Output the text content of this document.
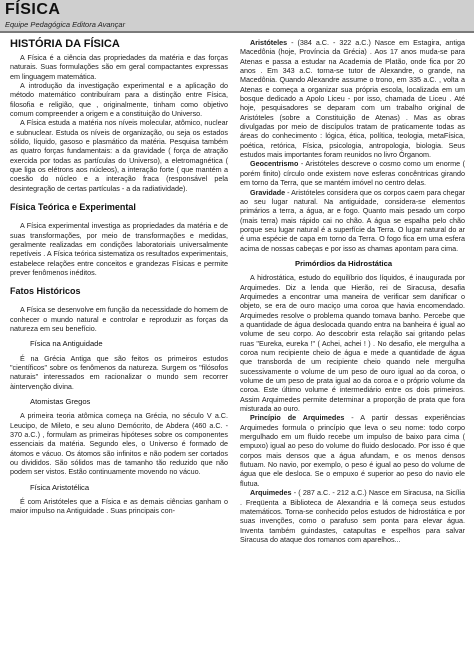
FÍSICA
Equipe Pedagógica Editora Avançar
HISTÓRIA DA FÍSICA

A Física é a ciência das propriedades da matéria e das forças naturais. Suas formulações são em geral compactantes expressas em linguagem matemática.

A introdução da investigação experimental e a aplicação do método matemático contribuíram para a distinção entre Física, filosofia e religião, que , originalmente, tinham como objetivo comum compreender a origem e a constituição do Universo.

A Física estuda a matéria nos níveis molecular, atômico, nuclear e subnuclear. Estuda os níveis de organização, ou seja os estados sólido, líquido, gasoso e plasmático da matéria. Pesquisa também as quatro forças fundamentais: a da gravidade ( força de atração exercida por todas as partículas do Universo), a eletromagnética ( que liga os elétrons aos núcleos), a interação forte ( que mantém a coesão do núcleo e a interação fraca (responsável pela desintegração de certas partículas - a da radiatividade).

Física Teórica e Experimental

A Física experimental investiga as propriedades da matéria e de suas transformações, por meio de transformações e medidas, geralmente realizadas em condições laboratoriais universalmente repetíveis . A Física teórica sistematiza os resultados experimentais, estabelece relações entre conceitos e grandezas Físicas e permite prever fenômenos inéditos.

Fatos Históricos

A Física se desenvolve em função da necessidade do homem de conhecer o mundo natural e controlar e reproduzir as forças da natureza em seu benefício.

Física na Antiguidade

É na Grécia Antiga que são feitos os primeiros estudos "científicos" sobre os fenômenos da natureza. Surgem os "filósofos naturais" interessados em racionalizar o mundo sem recorrer àintervenção divina.

Atomistas Gregos

A primeira teoria atômica começa na Grécia, no século V a.C. Leucipo, de Mileto, e seu aluno Demócrito, de Abdera (460 a.C. - 370 a.C.) , formulam as primeiras hipóteses sobre os componentes essenciais da matéria. Segundo eles, o Universo é formado de átomos e vácuo. Os átomos são infinitos e não podem ser cortados ou divididos. São sólidos mas de tamanho tão reduzido que não podem ser vistos. Estão continuamente movendo no vácuo.

Física Aristotélica

É com Aristóteles que a Física e as demais ciências ganham o maior impulso na Antiguidade . Suas principais con-

Aristóteles - (384 a.C. - 322 a.C.) Nasce em Estagira, antiga Macedônia (hoje, Província da Grécia) . Aos 17 anos muda-se para Atenas e passa a estudar na Academia de Platão, onde fica por 20 anos . Em 343 a.C. torna-se tutor de Alexandre, o grande, na Macedônia. Quando Alexandre assume o trono, em 335 a.C. , volta a Atenas e começa a organizar sua própria escola, localizada em um bosque dedicado a Apolo Liceu - por isso, chamada de Liceu . Até hoje, pesquisadores se deparam com um trabalho original de Aristóteles (sobre a Constituição de Atenas) . Mas as obras divulgadas por meio de discípulos tratam de praticamente todas as áreas do conhecimento : lógica, ética, política, teologia, metaFísica, poética, retórica, Física, psicologia, antropologia, biologia. Seus estudos mais importantes foram reunidos no livro Órganom.

Geocentrismo - Aristóteles descreve o cosmo como um enorme ( porém finito) círculo onde existem nove esferas concêntricas girando em torno da Terra, que se mantém imóvel no centro delas.

Gravidade - Aristóteles considera que os corpos caem para chegar ao seu lugar natural. Na antiguidade, considera-se elementos primários a terra, a água, ar e fogo. Quanto mais pesado um corpo (mais terra) mais rápido cai no chão. A água se espalha pelo chão porque seu lugar natural é a superfície da Terra. O lugar natural do ar é uma espécie de capa em torno da Terra. O fogo fica em uma esfera acima de nossas cabeças e por isso as chamas apontam para cima.

Primórdios da Hidrostática

A hidrostática, estudo do equilíbrio dos líquidos, é inaugurada por Arquimedes. Diz a lenda que Hierão, rei de Siracusa, desafia Arquimedes a encontrar uma maneira de verificar sem danificar o objeto, se era de ouro maciço uma coroa que havia encomendado. Arquimedes resolve o problema quando tomava banho. Percebe que a quantidade de água deslocada quando entra na banheira é igual ao volume de seu corpo. Ao descobrir esta relação sai gritando pelas ruas "Eureka, eureka !" ( Achei, achei ! ) . No desafio, ele mergulha a coroa num recipiente cheio de água e mede a quantidade de água que transborda de um recipiente cheio quando nele mergulha sucessivamente o volume de um peso de ouro igual ao da coroa, o volume de um peso de prata igual ao da coroa e o próprio volume da coroa. Este último volume é intermediário entre os dois primeiros. Assim Arquimedes permite determinar a proporção de prata que fora misturada ao ouro.

Princípio de Arquimedes - A partir dessas experiências Arquimedes formula o princípio que leva o seu nome: todo corpo mergulhado em um fluido recebe um impulso de baixo para cima ( empuxo) igual ao peso do volume do fluido deslocado. Por isso é que corpos mais densos que a água afundam, e os menos densos flutuam. No navio, por exemplo, o peso é igual ao peso do volume de água que ele desloca. Se o empuxo é superior ao peso do navio ele flutua.

Arquimedes - ( 287 a.C. - 212 a.C.) Nasce em Siracusa, na Sicília . Freqüenta a Biblioteca de Alexandria e lá começa seus estudos matemáticos. Torna-se conhecido pelos estudos de hidrostática e por suas invenções, como o parafuso sem ponta para elevar água. Inventa também guindastes, catapultas e espelhos para salvar Siracusa do ataque dos romanos com aparelhos...
